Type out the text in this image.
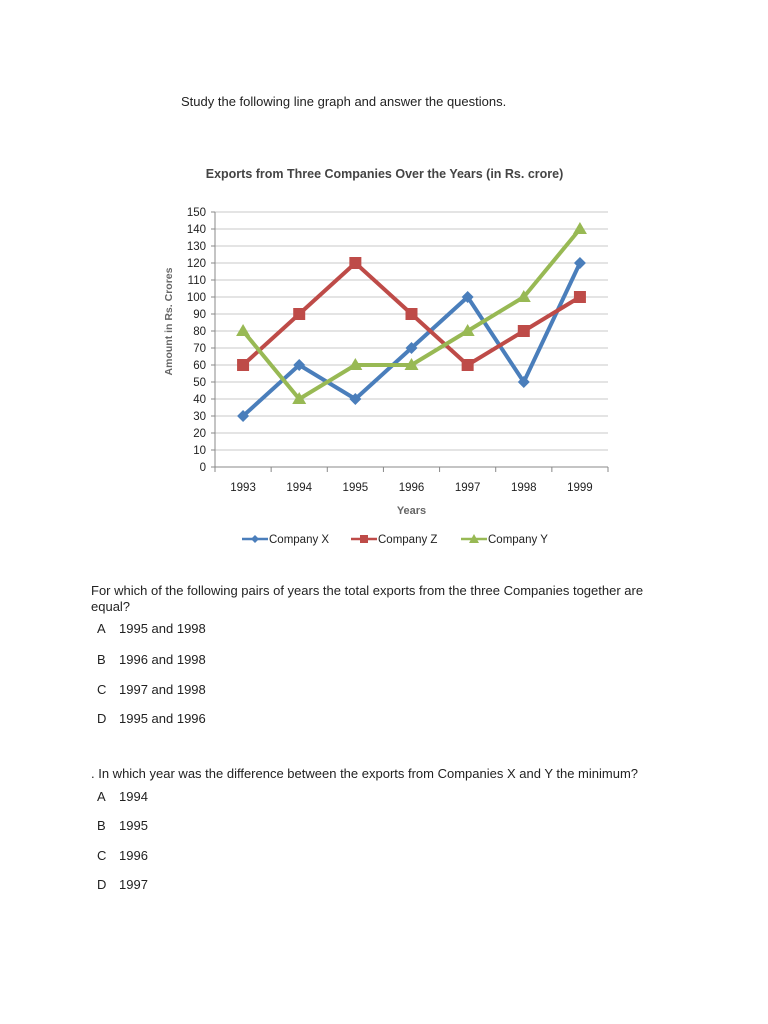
Study the following line graph and answer the questions.
Exports from Three Companies Over the Years (in Rs. crore)
0
10
20
30
40
50
60
70
80
90
100
110
120
130
140
150
1993	1994	1995	1996	1997	1998	1999
Years
Amount in Rs. Crores
Company X	Company Z	Company Y
For which of the following pairs of years the total exports from the three Companies together are equal?
A 1995 and 1998
B 1996 and 1998
C 1997 and 1998
D 1995 and 1996
. In which year was the difference between the exports from Companies X and Y the minimum?
A 1994
B 1995
C 1996
D 1997
